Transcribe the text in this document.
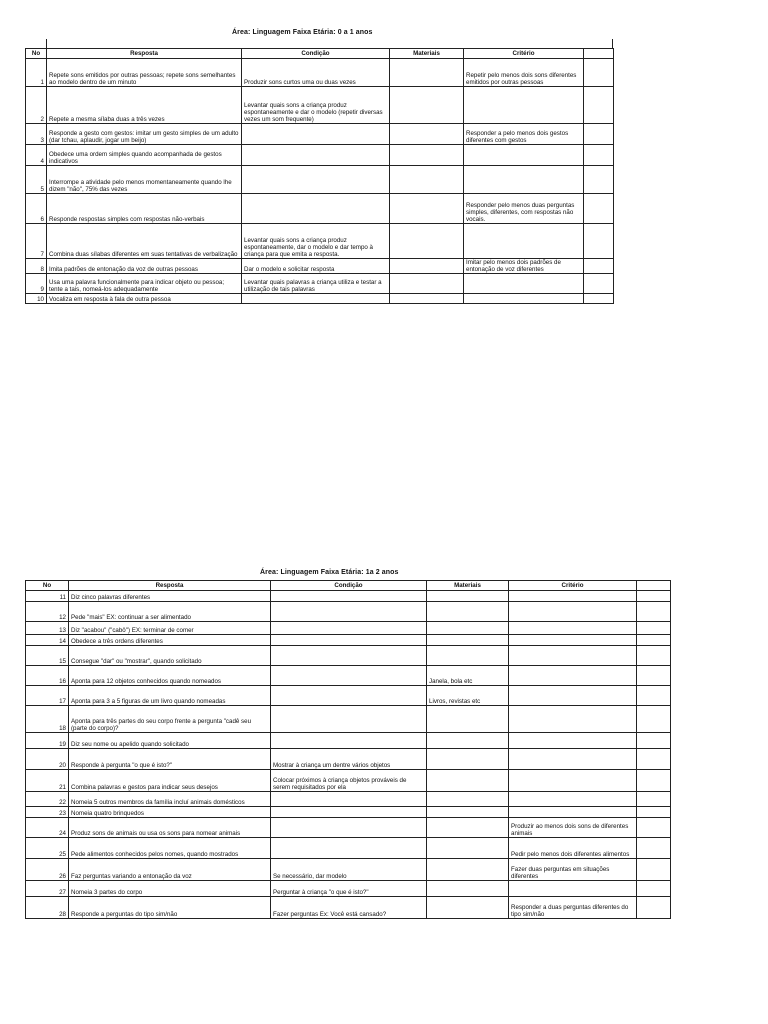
Área: Linguagem Faixa Etária: 0 a 1 anos
No	Resposta	Condição	Materiais	Critério	
1	Repete sons emitidos por outras pessoas; repete sons semelhantes ao modelo dentro de um minuto	Produzir sons curtos uma ou duas vezes		Repetir pelo menos dois sons diferentes emitidos por outras pessoas	
2	Repete a mesma sílaba duas a três vezes	Levantar quais sons a criança produz espontaneamente e dar o modelo (repetir diversas vezes um som frequente)			
3	Responde a gesto com gestos: imitar um gesto simples de um adulto (dar tchau, aplaudir, jogar um beijo)			Responder a pelo menos dois gestos diferentes com gestos	
4	Obedece uma ordem simples quando acompanhada de gestos indicativos				
5	Interrompe a atividade pelo menos momentaneamente quando lhe dizem "não", 75% das vezes				
6	Responde respostas simples com respostas não-verbais			Responder pelo menos duas perguntas simples, diferentes, com respostas não vocais.	
7	Combina duas sílabas diferentes em suas tentativas de verbalização	Levantar quais sons a criança produz espontaneamente, dar o modelo e dar tempo à criança para que emita a resposta.			
8	Imita padrões de entonação da voz de outras pessoas	Dar o modelo e solicitar resposta		Imitar pelo menos dois padrões de entonação de voz diferentes	
9	Usa uma palavra funcionalmente para indicar objeto ou pessoa; tente a tais, nomeá-los adequadamente	Levantar quais palavras a criança utiliza e testar a utilização de tais palavras			
10	Vocaliza em resposta à fala de outra pessoa				
Área: Linguagem Faixa Etária: 1a 2 anos
No	Resposta	Condição	Materiais	Critério	
11	Diz cinco palavras diferentes				
12	Pede "mais" EX: continuar a ser alimentado				
13	Diz "acabou" ("cabô") EX: terminar de comer				
14	Obedece a três ordens diferentes				
15	Consegue "dar" ou "mostrar", quando solicitado				
16	Aponta para 12 objetos conhecidos quando nomeados		Janela, bola etc		
17	Aponta para 3 a 5 figuras de um livro quando nomeadas		Livros, revistas etc		
18	Aponta para três partes do seu corpo frente a pergunta "cadê seu (parte do corpo)?				
19	Diz seu nome ou apelido quando solicitado				
20	Responde à pergunta "o que é isto?"	Mostrar à criança um dentre vários objetos			
21	Combina palavras e gestos para indicar seus desejos	Colocar próximos à criança objetos prováveis de serem requisitados por ela			
22	Nomeia 5 outros membros da família incluí animais domésticos				
23	Nomeia quatro brinquedos				
24	Produz sons de animais ou usa os sons para nomear animais			Produzir ao menos dois sons de diferentes animais	
25	Pede alimentos conhecidos pelos nomes, quando mostrados			Pedir pelo menos dois diferentes alimentos	
26	Faz perguntas variando a entonação da voz	Se necessário, dar modelo		Fazer duas perguntas em situações diferentes	
27	Nomeia 3 partes do corpo	Perguntar à criança "o que é isto?"			
28	Responde a perguntas do tipo sim/não	Fazer perguntas Ex: Você está cansado?		Responder a duas perguntas diferentes do tipo sim/não	
